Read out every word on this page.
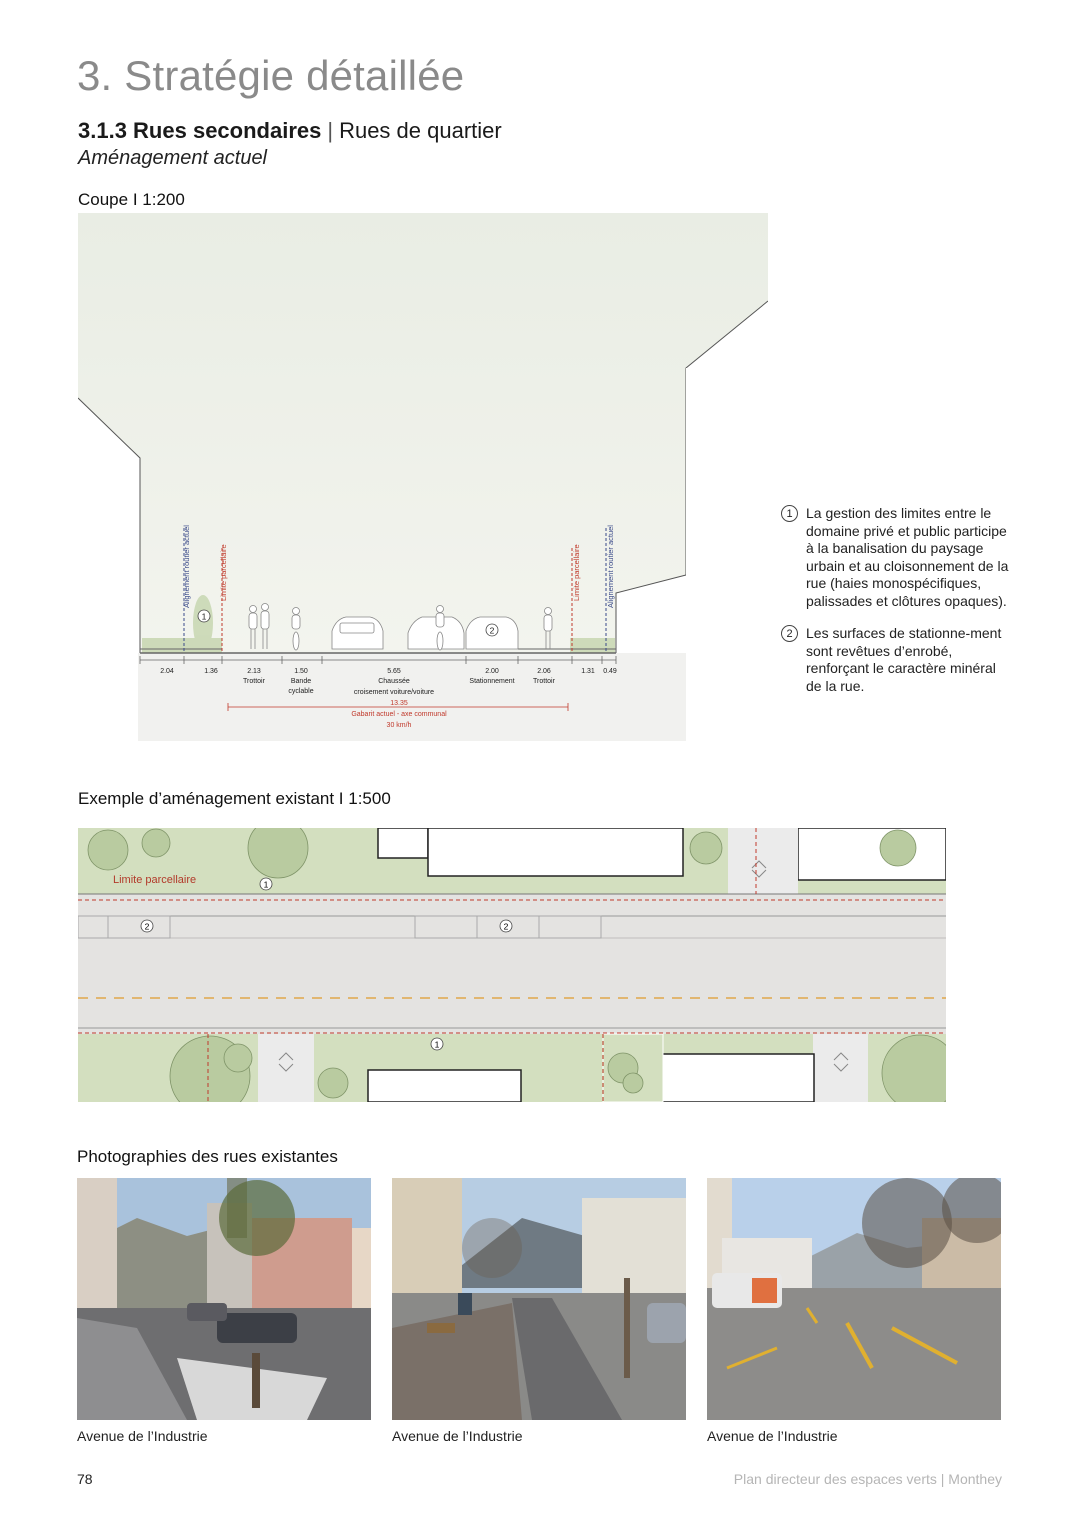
3. Stratégie détaillée
3.1.3 Rues secondaires | Rues de quartier
Aménagement actuel
Coupe I 1:200
Alignement routier actuel	Limite parcellaire	Limite parcellaire	Alignement routier actuel
1
2
2.04	1.36	2.13
Trottoir
1.50
Bande
cyclable
5.65
Chaussée
croisement voiture/voiture
2.00
Stationnement
2.06
Trottoir
1.31 0.49
13.35
Gabarit actuel - axe communal
30 km/h
1 La gestion des limites entre le domaine privé et public participe à la banalisation du paysage urbain et au cloisonnement de la rue (haies monospécifiques, palissades et clôtures opaques).
2 Les surfaces de stationne-ment sont revêtues d’enrobé, renforçant le caractère minéral de la rue.
Exemple d’aménagement existant I 1:500
Limite parcellaire	1
2	2
1
Photographies des rues existantes
Avenue de l’Industrie	Avenue de l’Industrie	Avenue de l’Industrie
78	Plan directeur des espaces verts | Monthey
